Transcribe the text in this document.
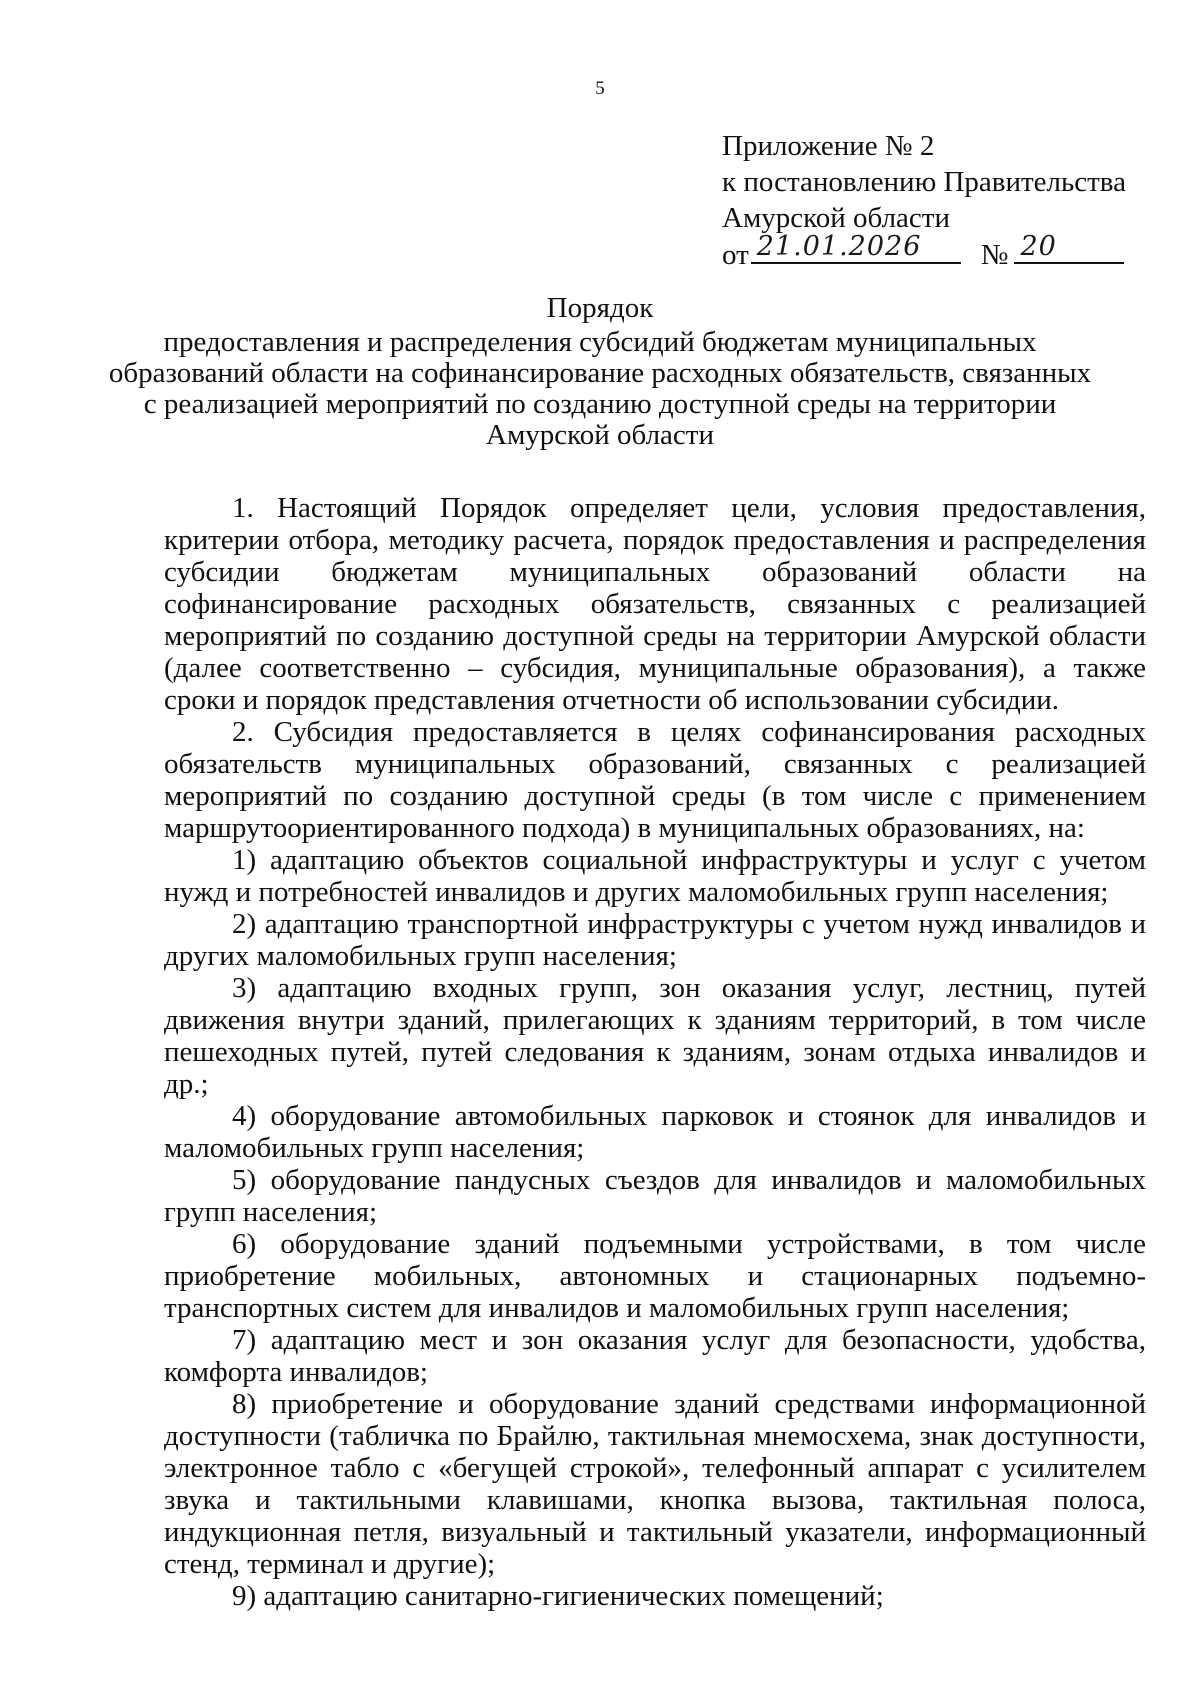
5
Приложение № 2
к постановлению Правительства
Амурской области
от 21.01.2026 № 20
Порядок
предоставления и распределения субсидий бюджетам муниципальных
образований области на софинансирование расходных обязательств, связанных
с реализацией мероприятий по созданию доступной среды на территории
Амурской области

1. Настоящий Порядок определяет цели, условия предоставления, критерии отбора, методику расчета, порядок предоставления и распределения субсидии бюджетам муниципальных образований области на софинансирование расходных обязательств, связанных с реализацией мероприятий по созданию доступной среды на территории Амурской области (далее соответственно – субсидия, муниципальные образования), а также сроки и порядок представления отчетности об использовании субсидии.

2. Субсидия предоставляется в целях софинансирования расходных обязательств муниципальных образований, связанных с реализацией мероприятий по созданию доступной среды (в том числе с применением маршрутоориентированного подхода) в муниципальных образованиях, на:

1) адаптацию объектов социальной инфраструктуры и услуг с учетом нужд и потребностей инвалидов и других маломобильных групп населения;

2) адаптацию транспортной инфраструктуры с учетом нужд инвалидов и других маломобильных групп населения;

3) адаптацию входных групп, зон оказания услуг, лестниц, путей движения внутри зданий, прилегающих к зданиям территорий, в том числе пешеходных путей, путей следования к зданиям, зонам отдыха инвалидов и др.;

4) оборудование автомобильных парковок и стоянок для инвалидов и маломобильных групп населения;

5) оборудование пандусных съездов для инвалидов и маломобильных групп населения;

6) оборудование зданий подъемными устройствами, в том числе приобретение мобильных, автономных и стационарных подъемно-транспортных систем для инвалидов и маломобильных групп населения;

7) адаптацию мест и зон оказания услуг для безопасности, удобства, комфорта инвалидов;

8) приобретение и оборудование зданий средствами информационной доступности (табличка по Брайлю, тактильная мнемосхема, знак доступности, электронное табло с «бегущей строкой», телефонный аппарат с усилителем звука и тактильными клавишами, кнопка вызова, тактильная полоса, индукционная петля, визуальный и тактильный указатели, информационный стенд, терминал и другие);

9) адаптацию санитарно-гигиенических помещений;
